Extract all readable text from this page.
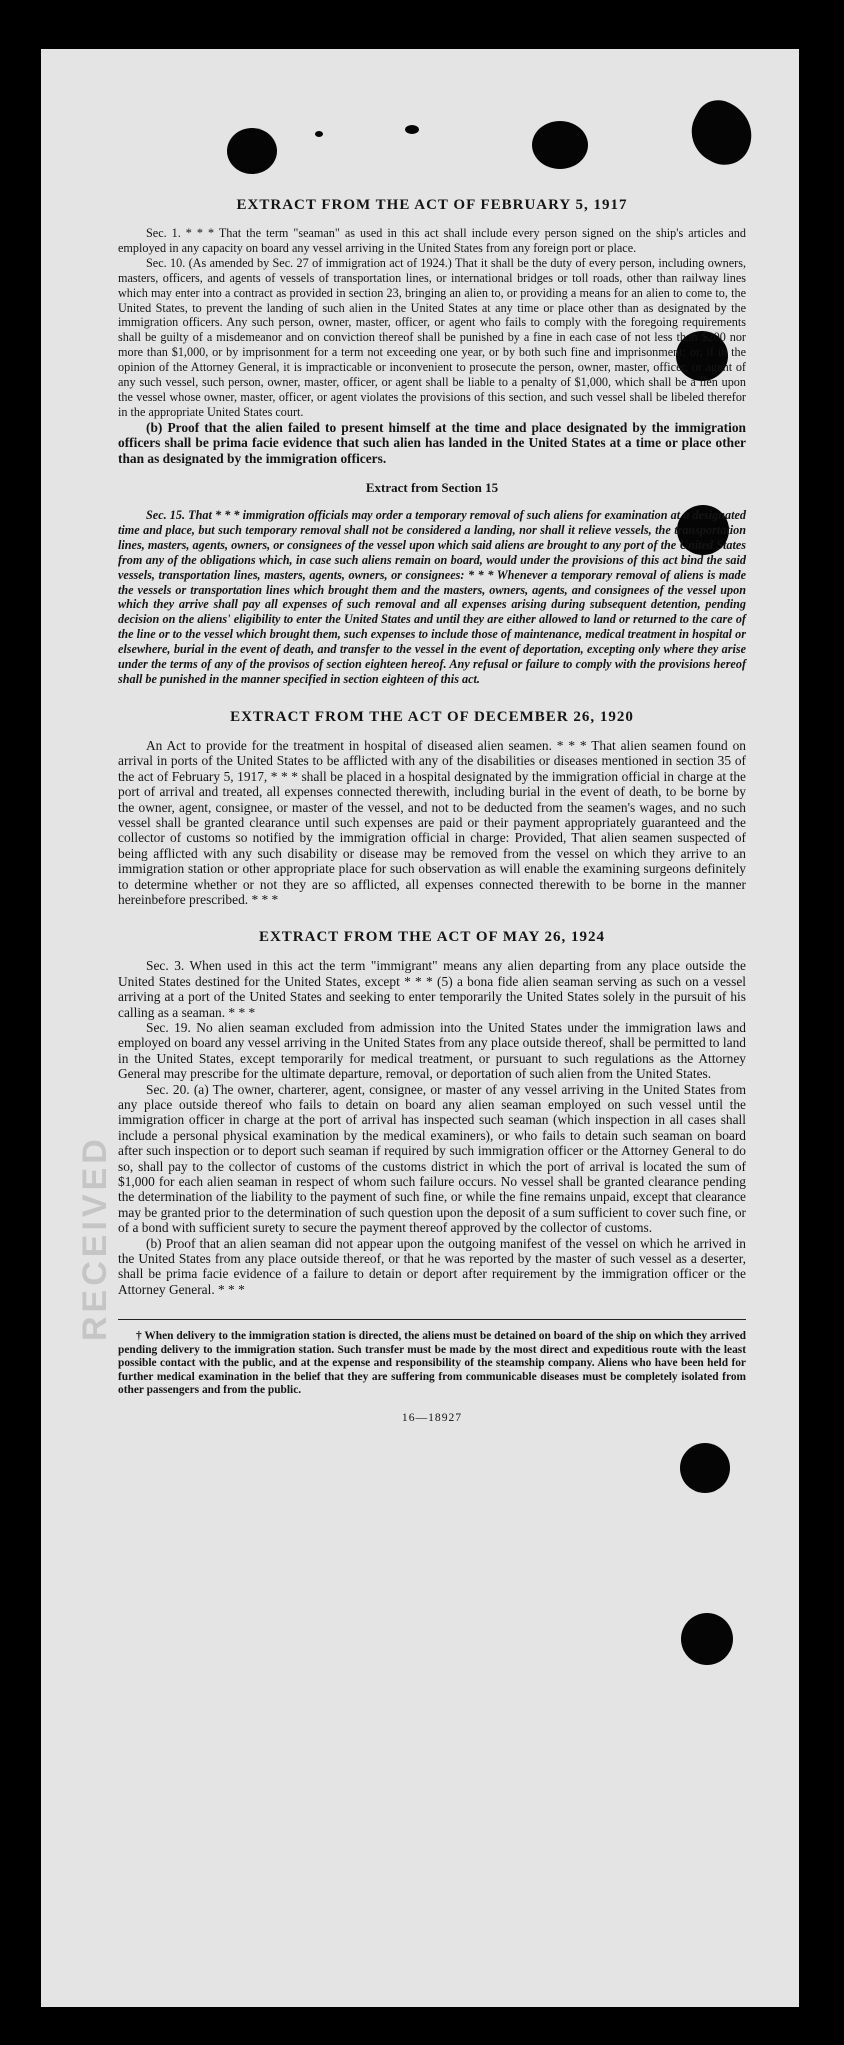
RECEIVED
EXTRACT FROM THE ACT OF FEBRUARY 5, 1917

Sec. 1. * * * That the term "seaman" as used in this act shall include every person signed on the ship's articles and employed in any capacity on board any vessel arriving in the United States from any foreign port or place.

Sec. 10. (As amended by Sec. 27 of immigration act of 1924.) That it shall be the duty of every person, including owners, masters, officers, and agents of vessels of transportation lines, or international bridges or toll roads, other than railway lines which may enter into a contract as provided in section 23, bringing an alien to, or providing a means for an alien to come to, the United States, to prevent the landing of such alien in the United States at any time or place other than as designated by the immigration officers. Any such person, owner, master, officer, or agent who fails to comply with the foregoing requirements shall be guilty of a misdemeanor and on conviction thereof shall be punished by a fine in each case of not less than $200 nor more than $1,000, or by imprisonment for a term not exceeding one year, or by both such fine and imprisonment; or, if in the opinion of the Attorney General, it is impracticable or inconvenient to prosecute the person, owner, master, officer, or agent of any such vessel, such person, owner, master, officer, or agent shall be liable to a penalty of $1,000, which shall be a lien upon the vessel whose owner, master, officer, or agent violates the provisions of this section, and such vessel shall be libeled therefor in the appropriate United States court.

(b) Proof that the alien failed to present himself at the time and place designated by the immigration officers shall be prima facie evidence that such alien has landed in the United States at a time or place other than as designated by the immigration officers.

Extract from Section 15

Sec. 15. That * * * immigration officials may order a temporary removal of such aliens for examination at a designated time and place, but such temporary removal shall not be considered a landing, nor shall it relieve vessels, the transportation lines, masters, agents, owners, or consignees of the vessel upon which said aliens are brought to any port of the United States from any of the obligations which, in case such aliens remain on board, would under the provisions of this act bind the said vessels, transportation lines, masters, agents, owners, or consignees: * * * Whenever a temporary removal of aliens is made the vessels or transportation lines which brought them and the masters, owners, agents, and consignees of the vessel upon which they arrive shall pay all expenses of such removal and all expenses arising during subsequent detention, pending decision on the aliens' eligibility to enter the United States and until they are either allowed to land or returned to the care of the line or to the vessel which brought them, such expenses to include those of maintenance, medical treatment in hospital or elsewhere, burial in the event of death, and transfer to the vessel in the event of deportation, excepting only where they arise under the terms of any of the provisos of section eighteen hereof. Any refusal or failure to comply with the provisions hereof shall be punished in the manner specified in section eighteen of this act.

EXTRACT FROM THE ACT OF DECEMBER 26, 1920

An Act to provide for the treatment in hospital of diseased alien seamen. * * * That alien seamen found on arrival in ports of the United States to be afflicted with any of the disabilities or diseases mentioned in section 35 of the act of February 5, 1917, * * * shall be placed in a hospital designated by the immigration official in charge at the port of arrival and treated, all expenses connected therewith, including burial in the event of death, to be borne by the owner, agent, consignee, or master of the vessel, and not to be deducted from the seamen's wages, and no such vessel shall be granted clearance until such expenses are paid or their payment appropriately guaranteed and the collector of customs so notified by the immigration official in charge: Provided, That alien seamen suspected of being afflicted with any such disability or disease may be removed from the vessel on which they arrive to an immigration station or other appropriate place for such observation as will enable the examining surgeons definitely to determine whether or not they are so afflicted, all expenses connected therewith to be borne in the manner hereinbefore prescribed. * * *

EXTRACT FROM THE ACT OF MAY 26, 1924

Sec. 3. When used in this act the term "immigrant" means any alien departing from any place outside the United States destined for the United States, except * * * (5) a bona fide alien seaman serving as such on a vessel arriving at a port of the United States and seeking to enter temporarily the United States solely in the pursuit of his calling as a seaman. * * *

Sec. 19. No alien seaman excluded from admission into the United States under the immigration laws and employed on board any vessel arriving in the United States from any place outside thereof, shall be permitted to land in the United States, except temporarily for medical treatment, or pursuant to such regulations as the Attorney General may prescribe for the ultimate departure, removal, or deportation of such alien from the United States.

Sec. 20. (a) The owner, charterer, agent, consignee, or master of any vessel arriving in the United States from any place outside thereof who fails to detain on board any alien seaman employed on such vessel until the immigration officer in charge at the port of arrival has inspected such seaman (which inspection in all cases shall include a personal physical examination by the medical examiners), or who fails to detain such seaman on board after such inspection or to deport such seaman if required by such immigration officer or the Attorney General to do so, shall pay to the collector of customs of the customs district in which the port of arrival is located the sum of $1,000 for each alien seaman in respect of whom such failure occurs. No vessel shall be granted clearance pending the determination of the liability to the payment of such fine, or while the fine remains unpaid, except that clearance may be granted prior to the determination of such question upon the deposit of a sum sufficient to cover such fine, or of a bond with sufficient surety to secure the payment thereof approved by the collector of customs.

(b) Proof that an alien seaman did not appear upon the outgoing manifest of the vessel on which he arrived in the United States from any place outside thereof, or that he was reported by the master of such vessel as a deserter, shall be prima facie evidence of a failure to detain or deport after requirement by the immigration officer or the Attorney General. * * *

† When delivery to the immigration station is directed, the aliens must be detained on board of the ship on which they arrived pending delivery to the immigration station. Such transfer must be made by the most direct and expeditious route with the least possible contact with the public, and at the expense and responsibility of the steamship company. Aliens who have been held for further medical examination in the belief that they are suffering from communicable diseases must be completely isolated from other passengers and from the public.

16—18927
